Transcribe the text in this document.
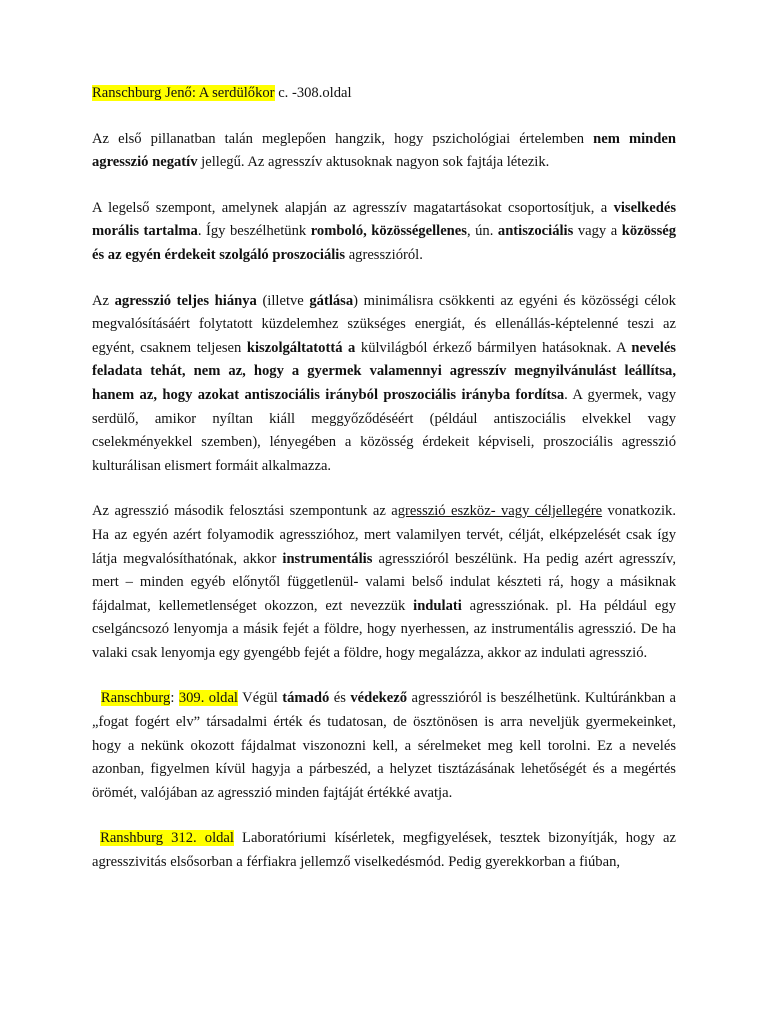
Ranschburg Jenő: A serdülőkor c. -308.oldal

Az első pillanatban talán meglepően hangzik, hogy pszichológiai értelemben nem minden agresszió negatív jellegű. Az agresszív aktusoknak nagyon sok fajtája létezik.

A legelső szempont, amelynek alapján az agresszív magatartásokat csoportosítjuk, a viselkedés morális tartalma. Így beszélhetünk romboló, közösségellenes, ún. antiszociális vagy a közösség és az egyén érdekeit szolgáló proszociális agresszióról.

Az agresszió teljes hiánya (illetve gátlása) minimálisra csökkenti az egyéni és közösségi célok megvalósításáért folytatott küzdelemhez szükséges energiát, és ellenállás-képtelenné teszi az egyént, csaknem teljesen kiszolgáltatottá a külvilágból érkező bármilyen hatásoknak. A nevelés feladata tehát, nem az, hogy a gyermek valamennyi agresszív megnyilvánulást leállítsa, hanem az, hogy azokat antiszociális irányból proszociális irányba fordítsa. A gyermek, vagy serdülő, amikor nyíltan kiáll meggyőződéséért (például antiszociális elvekkel vagy cselekményekkel szemben), lényegében a közösség érdekeit képviseli, proszociális agresszió kulturálisan elismert formáit alkalmazza.

Az agresszió második felosztási szempontunk az agresszió eszköz- vagy céljellegére vonatkozik. Ha az egyén azért folyamodik agresszióhoz, mert valamilyen tervét, célját, elképzelését csak így látja megvalósíthatónak, akkor instrumentális agresszióról beszélünk. Ha pedig azért agresszív, mert – minden egyéb előnytől függetlenül- valami belső indulat készteti rá, hogy a másiknak fájdalmat, kellemetlenséget okozzon, ezt nevezzük indulati agressziónak. pl. Ha például egy cselgáncsozó lenyomja a másik fejét a földre, hogy nyerhessen, az instrumentális agresszió. De ha valaki csak lenyomja egy gyengébb fejét a földre, hogy megalázza, akkor az indulati agresszió.

Ranschburg: 309. oldal Végül támadó és védekező agresszióról is beszélhetünk. Kultúránkban a „fogat fogért elv” társadalmi érték és tudatosan, de ösztönösen is arra neveljük gyermekeinket, hogy a nekünk okozott fájdalmat viszonozni kell, a sérelmeket meg kell torolni. Ez a nevelés azonban, figyelmen kívül hagyja a párbeszéd, a helyzet tisztázásának lehetőségét és a megértés örömét, valójában az agresszió minden fajtáját értékké avatja.

Ranshburg 312. oldal Laboratóriumi kísérletek, megfigyelések, tesztek bizonyítják, hogy az agresszivitás elsősorban a férfiakra jellemző viselkedésmód. Pedig gyerekkorban a fiúban,
